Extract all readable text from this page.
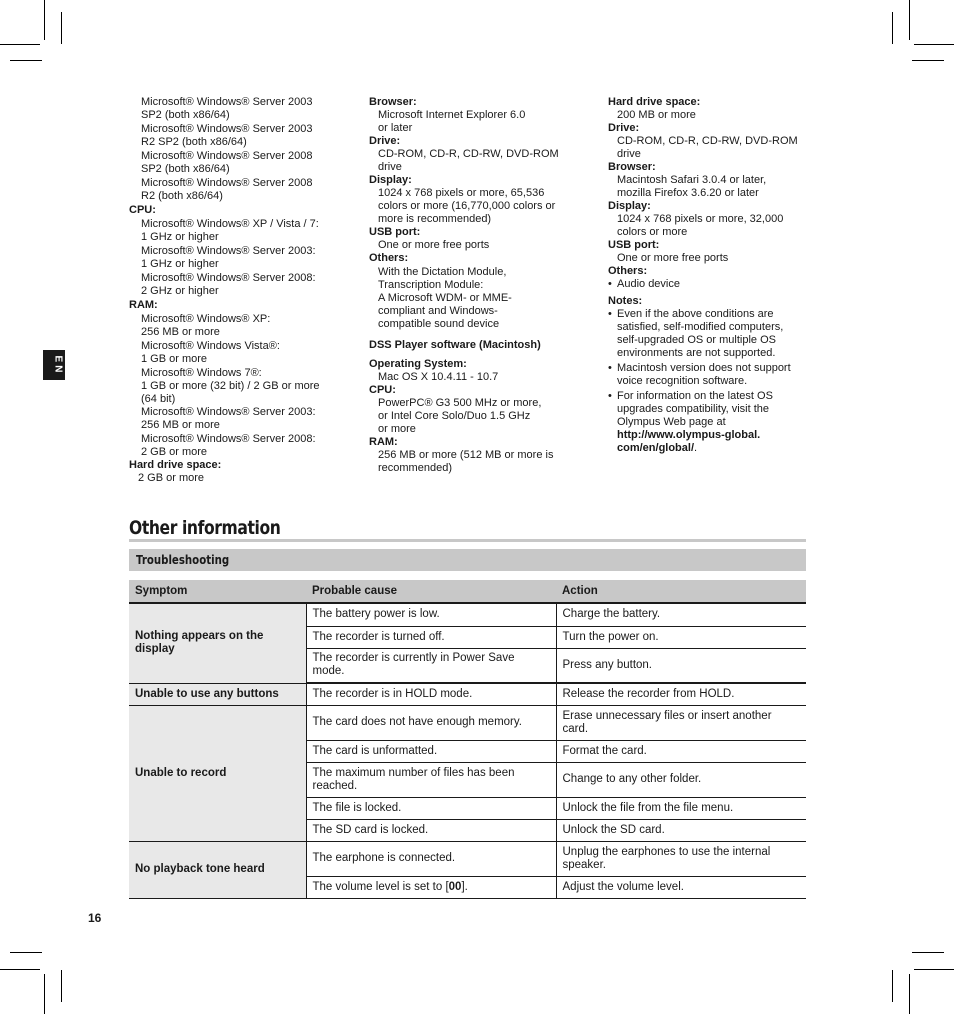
EN
Microsoft® Windows® Server 2003
SP2 (both x86/64)
Microsoft® Windows® Server 2003
R2 SP2 (both x86/64)
Microsoft® Windows® Server 2008
SP2 (both x86/64)
Microsoft® Windows® Server 2008
R2 (both x86/64)
CPU:
Microsoft® Windows® XP / Vista / 7:
1 GHz or higher
Microsoft® Windows® Server 2003:
1 GHz or higher
Microsoft® Windows® Server 2008:
2 GHz or higher
RAM:
Microsoft® Windows® XP:
256 MB or more
Microsoft® Windows Vista®:
1 GB or more
Microsoft® Windows 7®:
1 GB or more (32 bit) / 2 GB or more
(64 bit)
Microsoft® Windows® Server 2003:
256 MB or more
Microsoft® Windows® Server 2008:
2 GB or more
Hard drive space:
2 GB or more
Browser:
Microsoft Internet Explorer 6.0
or later
Drive:
CD-ROM, CD-R, CD-RW, DVD-ROM
drive
Display:
1024 x 768 pixels or more, 65,536
colors or more (16,770,000 colors or
more is recommended)
USB port:
One or more free ports
Others:
With the Dictation Module,
Transcription Module:
A Microsoft WDM- or MME-
compliant and Windows-
compatible sound device
DSS Player software (Macintosh)
Operating System:
Mac OS X 10.4.11 - 10.7
CPU:
PowerPC® G3 500 MHz or more,
or Intel Core Solo/Duo 1.5 GHz
or more
RAM:
256 MB or more (512 MB or more is
recommended)
Hard drive space:
200 MB or more
Drive:
CD-ROM, CD-R, CD-RW, DVD-ROM
drive
Browser:
Macintosh Safari 3.0.4 or later,
mozilla Firefox 3.6.20 or later
Display:
1024 x 768 pixels or more, 32,000
colors or more
USB port:
One or more free ports
Others:
• Audio device
Notes:
• Even if the above conditions are
satisfied, self-modified computers,
self-upgraded OS or multiple OS
environments are not supported.
• Macintosh version does not support
voice recognition software.
• For information on the latest OS
upgrades compatibility, visit the
Olympus Web page at
http://www.olympus-global.
com/en/global/.
Other information
Troubleshooting
Symptom	Probable cause	Action
Nothing appears on the display	The battery power is low.	Charge the battery.
	The recorder is turned off.	Turn the power on.
	The recorder is currently in Power Save mode.	Press any button.
Unable to use any buttons	The recorder is in HOLD mode.	Release the recorder from HOLD.
Unable to record	The card does not have enough memory.	Erase unnecessary files or insert another card.
	The card is unformatted.	Format the card.
	The maximum number of files has been reached.	Change to any other folder.
	The file is locked.	Unlock the file from the file menu.
	The SD card is locked.	Unlock the SD card.
No playback tone heard	The earphone is connected.	Unplug the earphones to use the internal speaker.
	The volume level is set to [00].	Adjust the volume level.
16
